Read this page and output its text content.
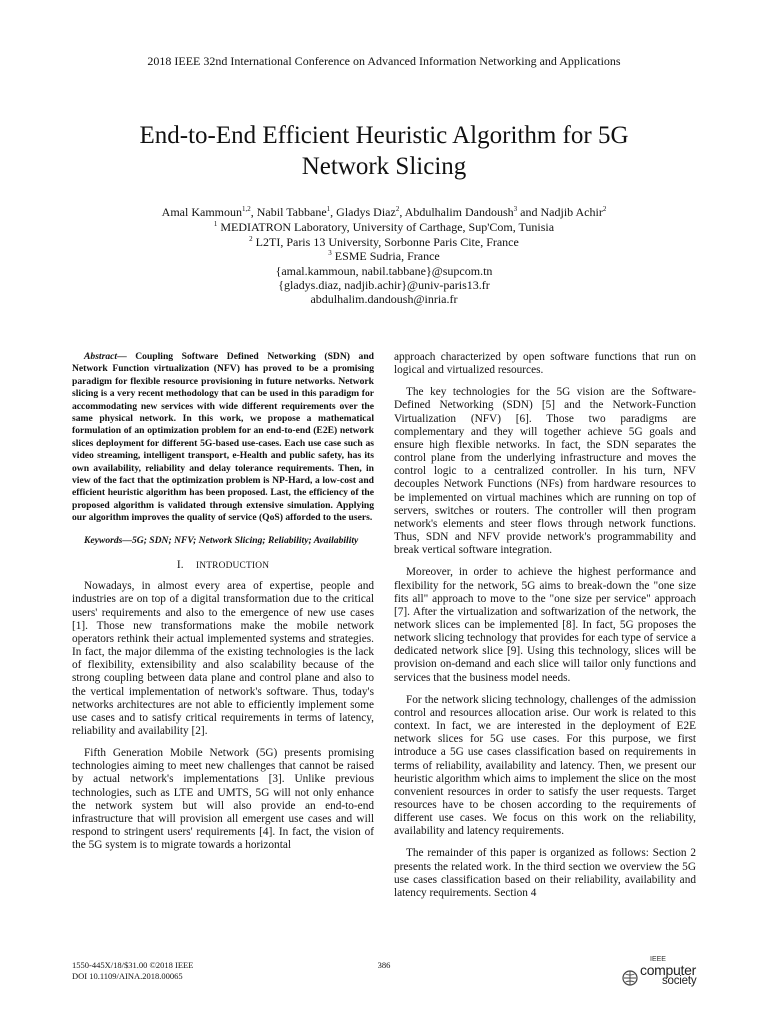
2018 IEEE 32nd International Conference on Advanced Information Networking and Applications
End-to-End Efficient Heuristic Algorithm for 5G
Network Slicing
Amal Kammoun$^{1,2}$, Nabil Tabbane$^1$, Gladys Diaz$^2$, Abdulhalim Dandoush$^3$ and Nadjib Achir$^2$
$^1$ MEDIATRON Laboratory, University of Carthage, Sup'Com, Tunisia
$^2$ L2TI, Paris 13 University, Sorbonne Paris Cite, France
$^3$ ESME Sudria, France
{amal.kammoun, nabil.tabbane}@supcom.tn
{gladys.diaz, nadjib.achir}@univ-paris13.fr
abdulhalim.dandoush@inria.fr
Abstract— Coupling Software Defined Networking (SDN) and Network Function virtualization (NFV) has proved to be a promising paradigm for flexible resource provisioning in future networks. Network slicing is a very recent methodology that can be used in this paradigm for accommodating new services with wide different requirements over the same physical network. In this work, we propose a mathematical formulation of an optimization problem for an end-to-end (E2E) network slices deployment for different 5G-based use-cases. Each use case such as video streaming, intelligent transport, e-Health and public safety, has its own availability, reliability and delay tolerance requirements. Then, in view of the fact that the optimization problem is NP-Hard, a low-cost and efficient heuristic algorithm has been proposed. Last, the efficiency of the proposed algorithm is validated through extensive simulation. Applying our algorithm improves the quality of service (QoS) afforded to the users.
Keywords—5G; SDN; NFV; Network Slicing; Reliability; Availability
I. INTRODUCTION

Nowadays, in almost every area of expertise, people and industries are on top of a digital transformation due to the critical users' requirements and also to the emergence of new use cases [1]. Those new transformations make the mobile network operators rethink their actual implemented systems and strategies. In fact, the major dilemma of the existing technologies is the lack of flexibility, extensibility and also scalability because of the strong coupling between data plane and control plane and also to the vertical implementation of network's software. Thus, today's networks architectures are not able to efficiently implement some use cases and to satisfy critical requirements in terms of latency, reliability and availability [2].

Fifth Generation Mobile Network (5G) presents promising technologies aiming to meet new challenges that cannot be raised by actual network's implementations [3]. Unlike previous technologies, such as LTE and UMTS, 5G will not only enhance the network system but will also provide an end-to-end infrastructure that will provision all emergent use cases and will respond to stringent users' requirements [4]. In fact, the vision of the 5G system is to migrate towards a horizontal

approach characterized by open software functions that run on logical and virtualized resources.

The key technologies for the 5G vision are the Software-Defined Networking (SDN) [5] and the Network-Function Virtualization (NFV) [6]. Those two paradigms are complementary and they will together achieve 5G goals and ensure high flexible networks. In fact, the SDN separates the control plane from the underlying infrastructure and moves the control logic to a centralized controller. In his turn, NFV decouples Network Functions (NFs) from hardware resources to be implemented on virtual machines which are running on top of servers, switches or routers. The controller will then program network's elements and steer flows through network functions. Thus, SDN and NFV provide network's programmability and break vertical software integration.

Moreover, in order to achieve the highest performance and flexibility for the network, 5G aims to break-down the "one size fits all" approach to move to the "one size per service" approach [7]. After the virtualization and softwarization of the network, the network slices can be implemented [8]. In fact, 5G proposes the network slicing technology that provides for each type of service a dedicated network slice [9]. Using this technology, slices will be provision on-demand and each slice will tailor only functions and services that the business model needs.

For the network slicing technology, challenges of the admission control and resources allocation arise. Our work is related to this context. In fact, we are interested in the deployment of E2E network slices for 5G use cases. For this purpose, we first introduce a 5G use cases classification based on requirements in terms of reliability, availability and latency. Then, we present our heuristic algorithm which aims to implement the slice on the most convenient resources in order to satisfy the user requests. Target resources have to be chosen according to the requirements of different use cases. We focus on this work on the reliability, availability and latency requirements.

The remainder of this paper is organized as follows: Section 2 presents the related work. In the third section we overview the 5G use cases classification based on their reliability, availability and latency requirements. Section 4

1550-445X/18/$31.00 ©2018 IEEE
DOI 10.1109/AINA.2018.00065
386
IEEE
computer
society
